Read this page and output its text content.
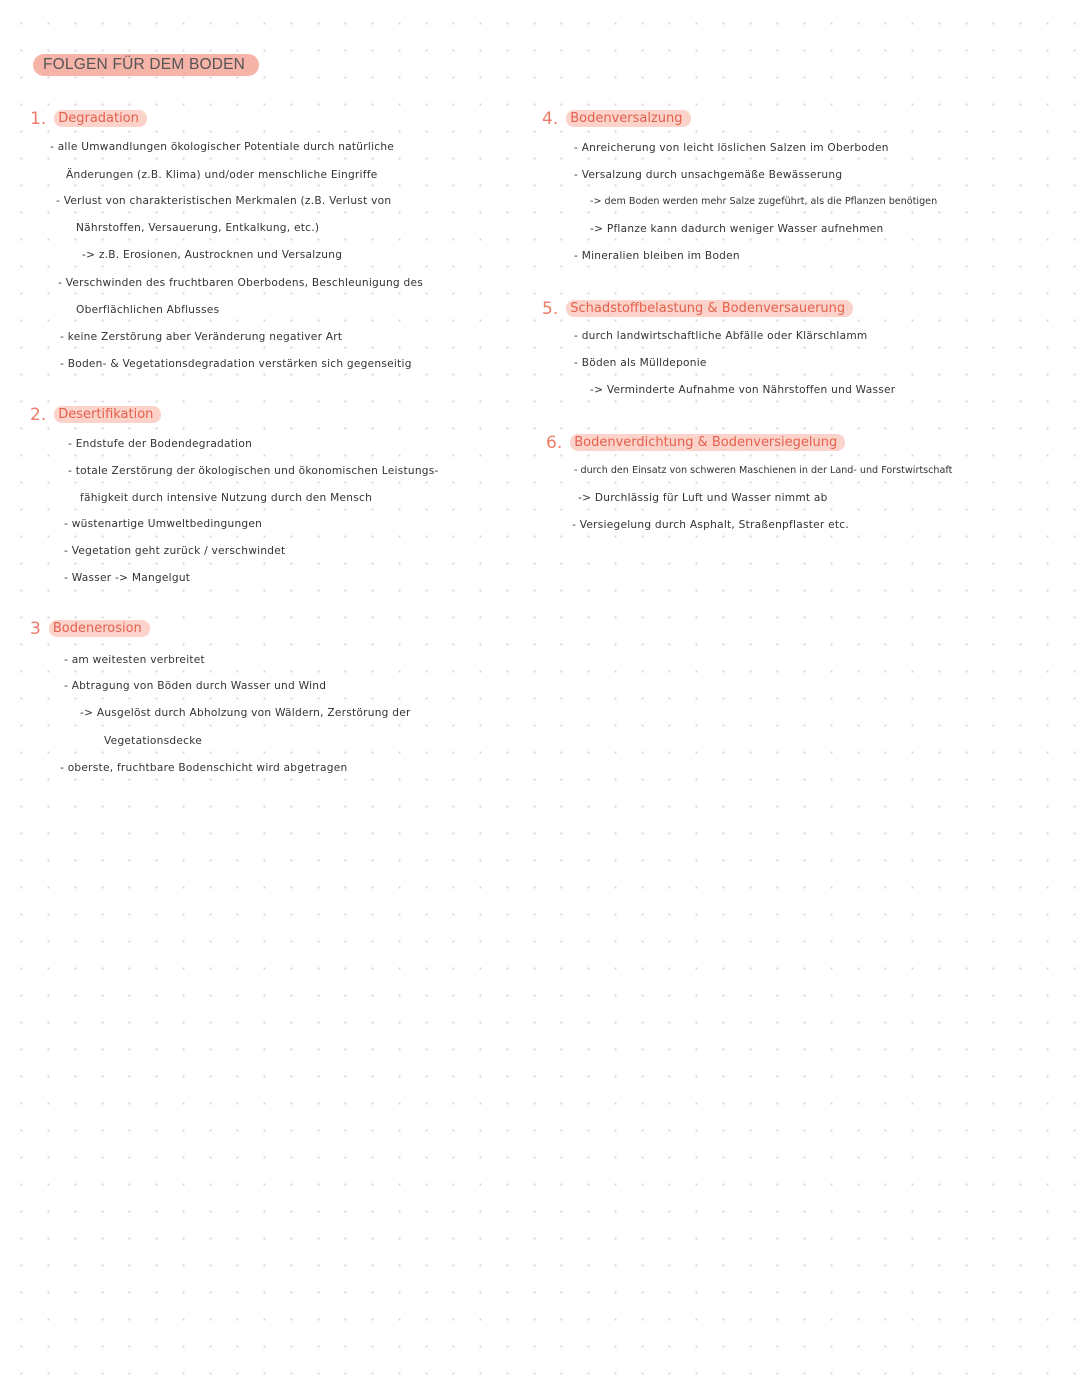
FOLGEN FÜR DEM BODEN
1. Degradation
- alle Umwandlungen ökologischer Potentiale durch natürliche
Änderungen (z.B. Klima) und/oder menschliche Eingriffe
- Verlust von charakteristischen Merkmalen (z.B. Verlust von
Nährstoffen, Versauerung, Entkalkung, etc.)
-> z.B. Erosionen, Austrocknen und Versalzung
- Verschwinden des fruchtbaren Oberbodens, Beschleunigung des
Oberflächlichen Abflusses
- keine Zerstörung aber Veränderung negativer Art
- Boden- & Vegetationsdegradation verstärken sich gegenseitig
2. Desertifikation
- Endstufe der Bodendegradation
- totale Zerstörung der ökologischen und ökonomischen Leistungs-
fähigkeit durch intensive Nutzung durch den Mensch
- wüstenartige Umweltbedingungen
- Vegetation geht zurück / verschwindet
- Wasser -> Mangelgut
3 Bodenerosion
- am weitesten verbreitet
- Abtragung von Böden durch Wasser und Wind
-> Ausgelöst durch Abholzung von Wäldern, Zerstörung der
Vegetationsdecke
- oberste, fruchtbare Bodenschicht wird abgetragen
4. Bodenversalzung
- Anreicherung von leicht löslichen Salzen im Oberboden
- Versalzung durch unsachgemäße Bewässerung
-> dem Boden werden mehr Salze zugeführt, als die Pflanzen benötigen
-> Pflanze kann dadurch weniger Wasser aufnehmen
- Mineralien bleiben im Boden
5. Schadstoffbelastung & Bodenversauerung
- durch landwirtschaftliche Abfälle oder Klärschlamm
- Böden als Mülldeponie
-> Verminderte Aufnahme von Nährstoffen und Wasser
6. Bodenverdichtung & Bodenversiegelung
- durch den Einsatz von schweren Maschienen in der Land- und Forstwirtschaft
-> Durchlässig für Luft und Wasser nimmt ab
- Versiegelung durch Asphalt, Straßenpflaster etc.
